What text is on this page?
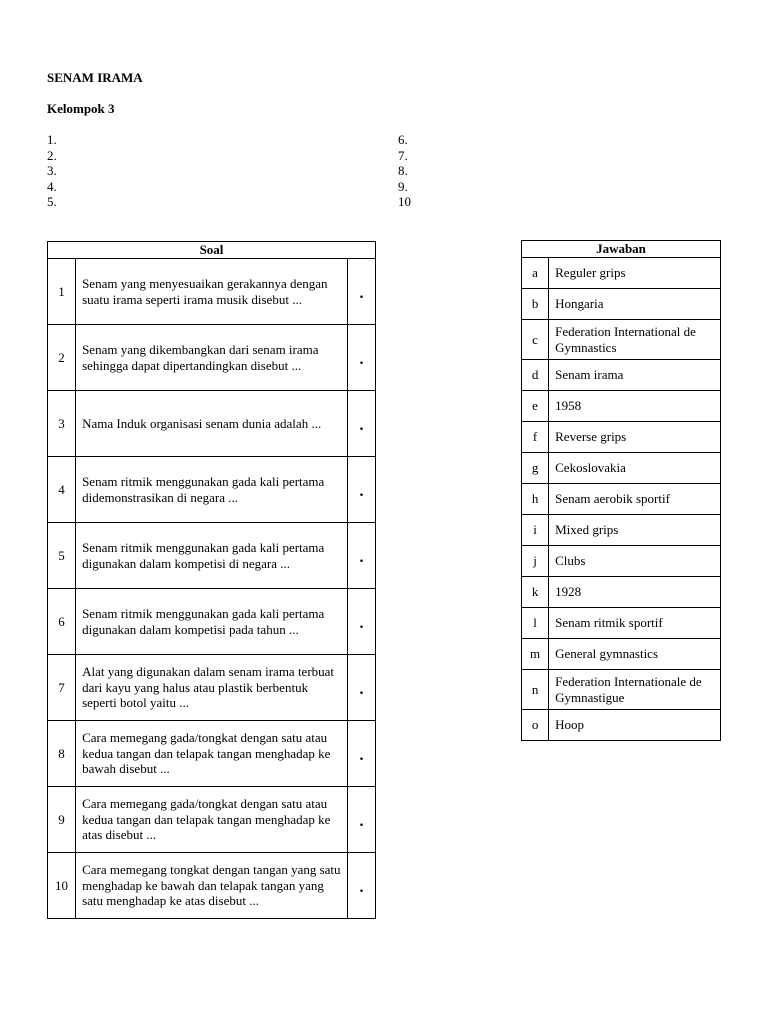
SENAM IRAMA
Kelompok 3
1.
2.
3.
4.
5.
6.
7.
8.
9.
10
Soal		
1	Senam yang menyesuaikan gerakannya dengan suatu irama seperti irama musik disebut ...	.
2	Senam yang dikembangkan dari senam irama sehingga dapat dipertandingkan disebut ...	.
3	Nama Induk organisasi senam dunia adalah ...	.
4	Senam ritmik menggunakan gada kali pertama didemonstrasikan di negara ...	.
5	Senam ritmik menggunakan gada kali pertama digunakan dalam kompetisi di negara ...	.
6	Senam ritmik menggunakan gada kali pertama digunakan dalam kompetisi pada tahun ...	.
7	Alat yang digunakan dalam senam irama terbuat dari kayu yang halus atau plastik berbentuk seperti botol yaitu ...	.
8	Cara memegang gada/tongkat dengan satu atau kedua tangan dan telapak tangan menghadap ke bawah disebut ...	.
9	Cara memegang gada/tongkat dengan satu atau kedua tangan dan telapak tangan menghadap ke atas disebut ...	.
10	Cara memegang tongkat dengan tangan yang satu menghadap ke bawah dan telapak tangan yang satu menghadap ke atas disebut ...	.
Jawaban	
a	Reguler grips
b	Hongaria
c	Federation International de Gymnastics
d	Senam irama
e	1958
f	Reverse grips
g	Cekoslovakia
h	Senam aerobik sportif
i	Mixed grips
j	Clubs
k	1928
l	Senam ritmik sportif
m	General gymnastics
n	Federation Internationale de Gymnastigue
o	Hoop
